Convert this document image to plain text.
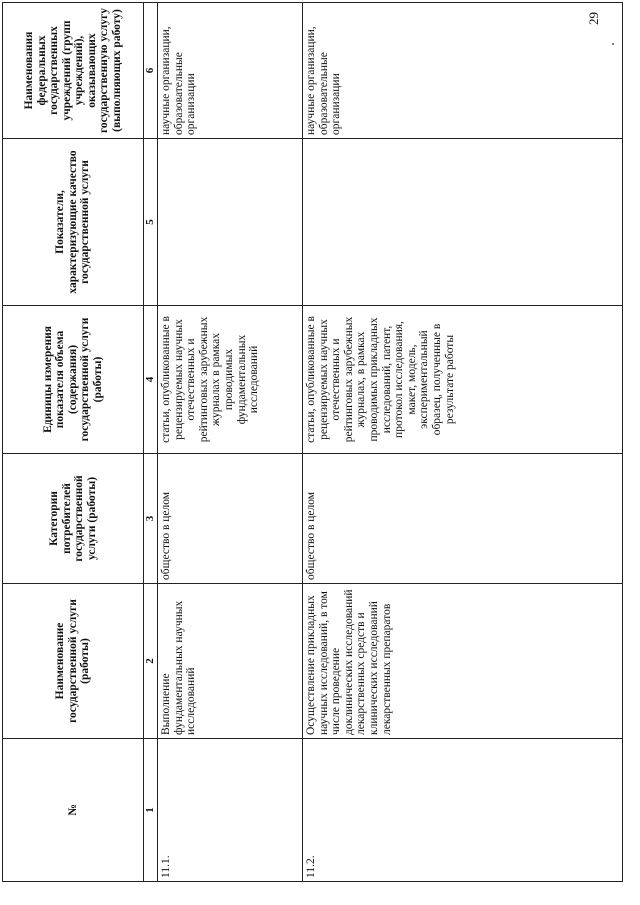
№	Наименование государственной услуги (работы)	Категории потребителей государственной услуги (работы)	Единицы измерения показателя объема (содержания) государственной услуги (работы)	Показатели, характеризующие качество государственной услуги	Наименования федеральных государственных учреждений (групп учреждений), оказывающих государственную услугу (выполняющих работу)
1	2	3	4	5	6
11.1.	Выполнение фундаментальных научных исследований	общество в целом	статьи, опубликованные в рецензируемых научных отечественных и рейтинговых зарубежных журналах в рамках проводимых фундаментальных исследований		научные организации, образовательные организации
11.2.	Осуществление прикладных научных исследований, в том числе проведение доклинических исследований лекарственных средств и клинических исследований лекарственных препаратов	общество в целом	статьи, опубликованные в рецензируемых научных отечественных и рейтинговых зарубежных журналах, в рамках проводимых прикладных исследований, патент, протокол исследования, макет, модель, экспериментальный образец, полученные в результате работы		научные организации, образовательные организации
29
